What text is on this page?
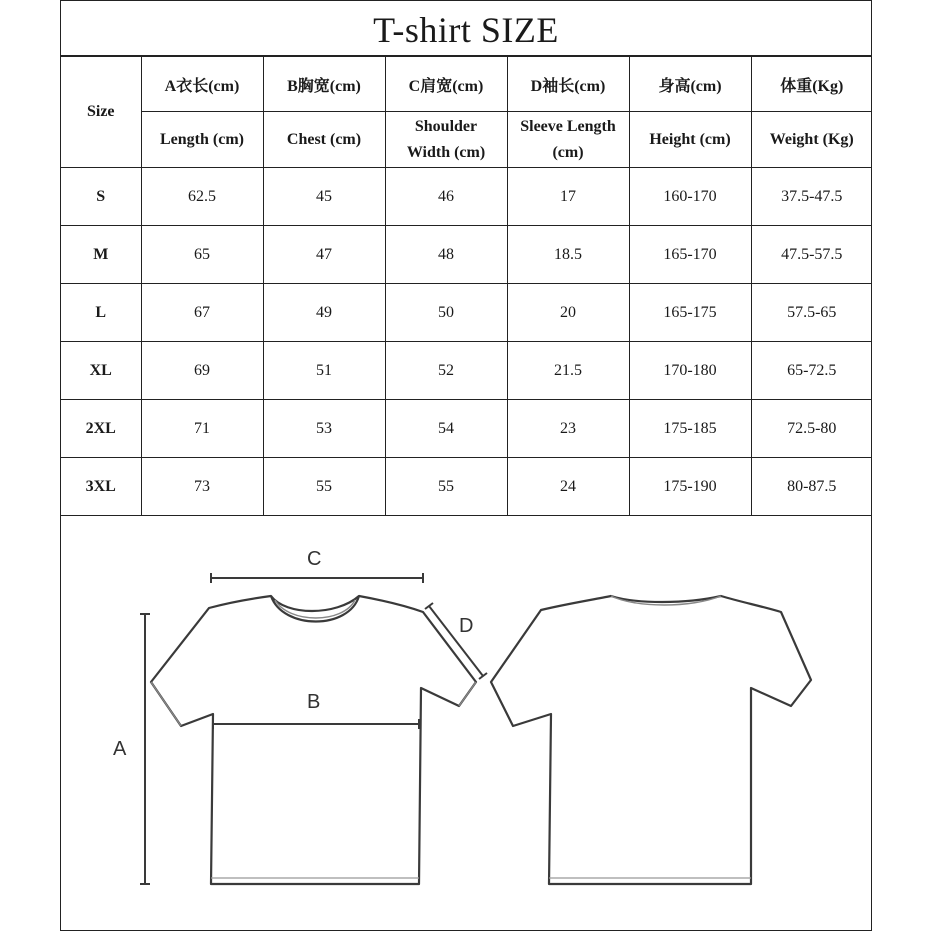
T-shirt SIZE
Size	A衣长(cm)	B胸宽(cm)	C肩宽(cm)	D袖长(cm)	身高(cm)	体重(Kg)
	Length (cm)	Chest (cm)	Shoulder Width (cm)	Sleeve Length (cm)	Height (cm)	Weight (Kg)
S	62.5	45	46	17	160-170	37.5-47.5
M	65	47	48	18.5	165-170	47.5-57.5
L	67	49	50	20	165-175	57.5-65
XL	69	51	52	21.5	170-180	65-72.5
2XL	71	53	54	23	175-185	72.5-80
3XL	73	55	55	24	175-190	80-87.5
C
B
A
D
